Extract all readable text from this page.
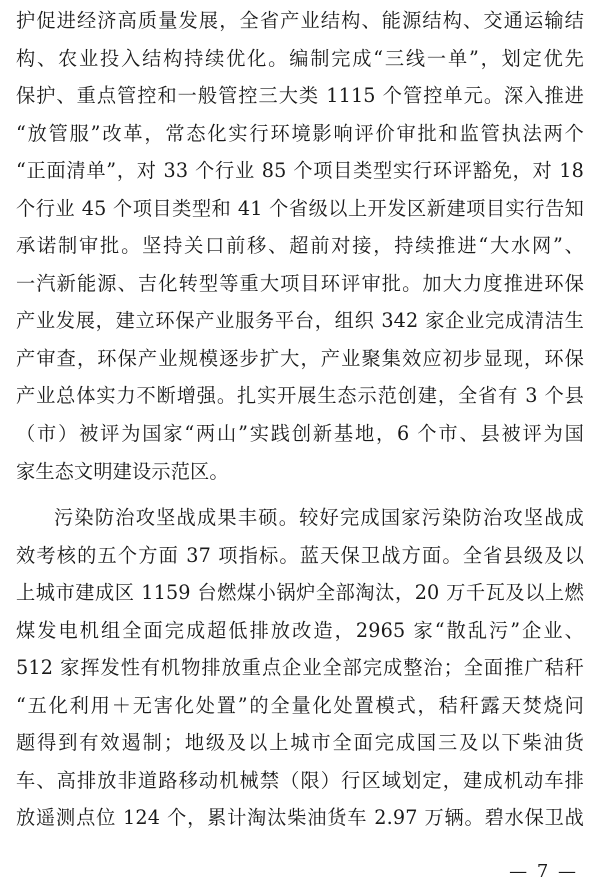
护促进经济高质量发展，全省产业结构、能源结构、交通运输结
构、农业投入结构持续优化。编制完成“三线一单”，划定优先
保护、重点管控和一般管控三大类 1115 个管控单元。深入推进
“放管服”改革，常态化实行环境影响评价审批和监管执法两个
“正面清单”，对 33 个行业 85 个项目类型实行环评豁免，对 18
个行业 45 个项目类型和 41 个省级以上开发区新建项目实行告知
承诺制审批。坚持关口前移、超前对接，持续推进“大水网”、
一汽新能源、吉化转型等重大项目环评审批。加大力度推进环保
产业发展，建立环保产业服务平台，组织 342 家企业完成清洁生
产审查，环保产业规模逐步扩大，产业聚集效应初步显现，环保
产业总体实力不断增强。扎实开展生态示范创建，全省有 3 个县
（市）被评为国家“两山”实践创新基地，6 个市、县被评为国
家生态文明建设示范区。
污染防治攻坚战成果丰硕。较好完成国家污染防治攻坚战成
效考核的五个方面 37 项指标。蓝天保卫战方面。全省县级及以
上城市建成区 1159 台燃煤小锅炉全部淘汰，20 万千瓦及以上燃
煤发电机组全面完成超低排放改造，2965 家“散乱污”企业、
512 家挥发性有机物排放重点企业全部完成整治；全面推广秸秆
“五化利用＋无害化处置”的全量化处置模式，秸秆露天焚烧问
题得到有效遏制；地级及以上城市全面完成国三及以下柴油货
车、高排放非道路移动机械禁（限）行区域划定，建成机动车排
放遥测点位 124 个，累计淘汰柴油货车 2.97 万辆。碧水保卫战
— 7 —
